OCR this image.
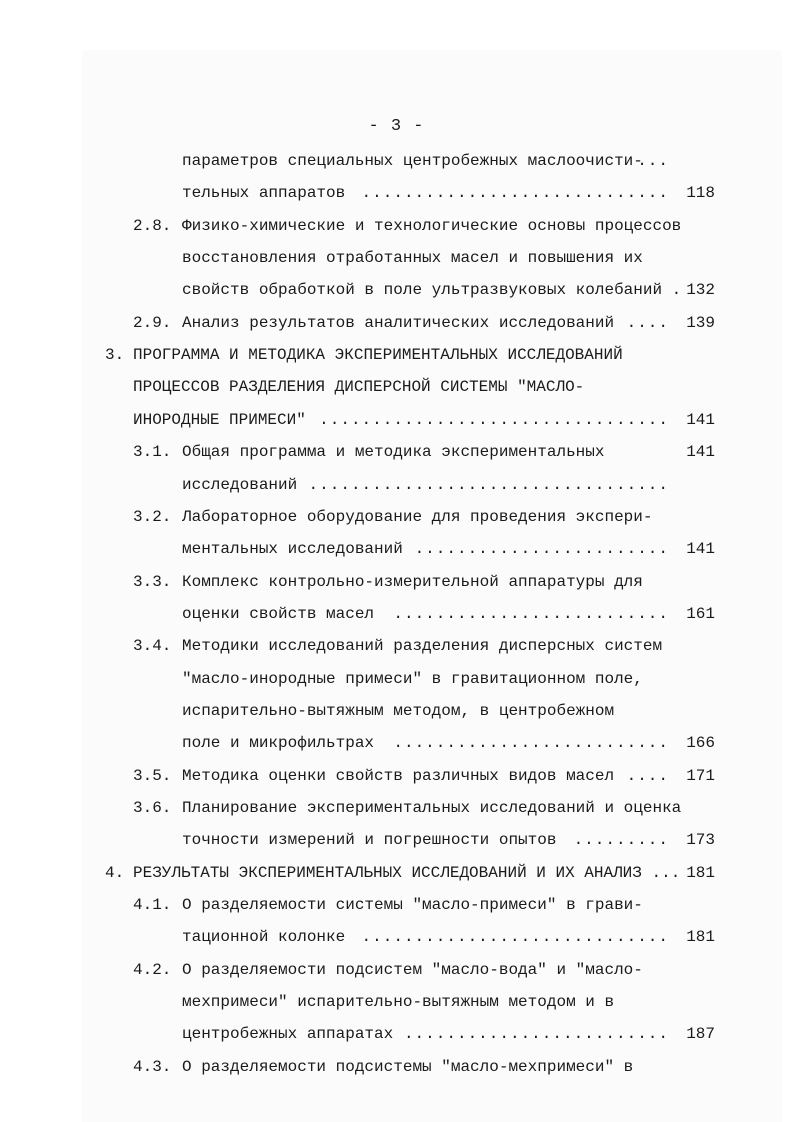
- 3 -
параметров специальных центробежных маслоочисти-
...
тельных аппаратов .............................	118
2.8. Физико-химические и технологические основы процессов
восстановления отработанных масел и повышения их
свойств обработкой в поле ультразвуковых колебаний . 132
2.9. Анализ результатов аналитических исследований ....	139
3. ПРОГРАММА И МЕТОДИКА ЭКСПЕРИМЕНТАЛЬНЫХ ИССЛЕДОВАНИЙ
ПРОЦЕССОВ РАЗДЕЛЕНИЯ ДИСПЕРСНОЙ СИСТЕМЫ "МАСЛО-
ИНОРОДНЫЕ ПРИМЕСИ" .................................	141
3.1. Общая программа и методика экспериментальных	141
исследований ..................................
3.2. Лабораторное оборудование для проведения экспери-
ментальных исследований ........................	141
3.3. Комплекс контрольно-измерительной аппаратуры для
оценки свойств масел ..........................	161
3.4. Методики исследований разделения дисперсных систем
"масло-инородные примеси" в гравитационном поле,
испарительно-вытяжным методом, в центробежном
поле и микрофильтрах ..........................	166
3.5. Методика оценки свойств различных видов масел ....	171
3.6. Планирование экспериментальных исследований и оценка
точности измерений и погрешности опытов .........	173
4. РЕЗУЛЬТАТЫ ЭКСПЕРИМЕНТАЛЬНЫХ ИССЛЕДОВАНИЙ И ИХ АНАЛИЗ ... 181
4.1. О разделяемости системы "масло-примеси" в грави-
тационной колонке .............................	181
4.2. О разделяемости подсистем "масло-вода" и "масло-
мехпримеси" испарительно-вытяжным методом и в
центробежных аппаратах .........................	187
4.3. О разделяемости подсистемы "масло-мехпримеси" в
